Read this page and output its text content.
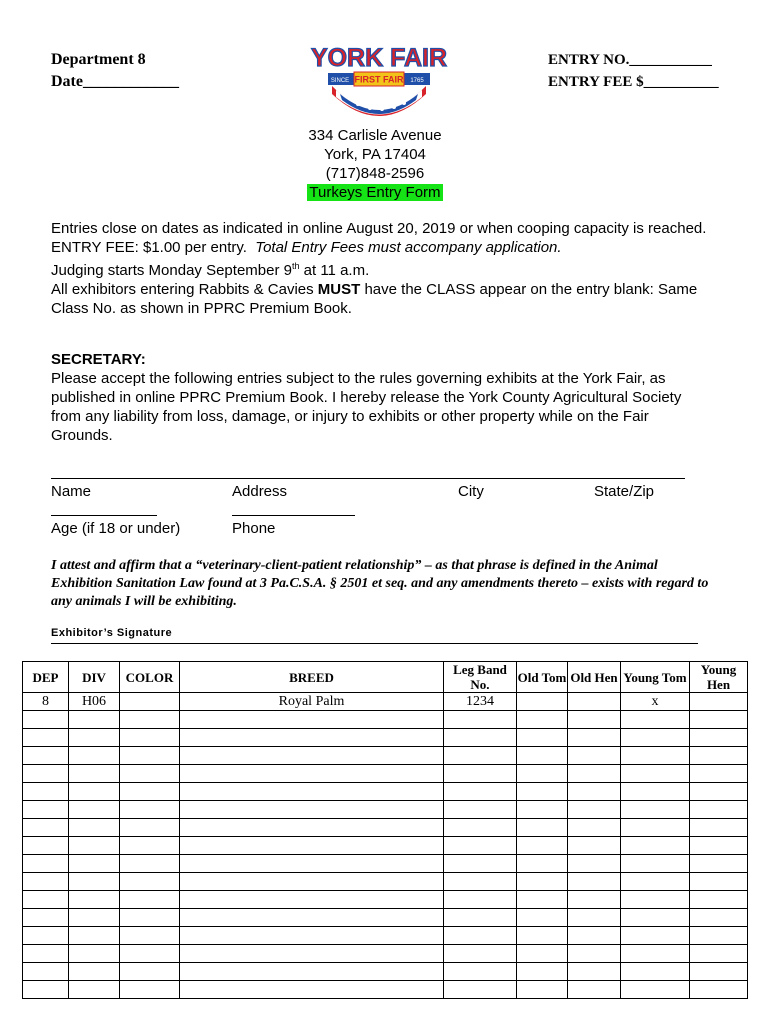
Department 8
Date____________
ENTRY NO.___________
ENTRY FEE $__________
YORK FAIR
FIRST FAIR
SINCE	1765
334 Carlisle Avenue
York, PA 17404
(717)848-2596
Turkeys Entry Form
Entries close on dates as indicated in online August 20, 2019 or when cooping capacity is reached.
ENTRY FEE: $1.00 per entry. Total Entry Fees must accompany application.
Judging starts Monday September 9th at 11 a.m.
All exhibitors entering Rabbits & Cavies MUST have the CLASS appear on the entry blank: Same Class No. as shown in PPRC Premium Book.
SECRETARY:
Please accept the following entries subject to the rules governing exhibits at the York Fair, as published in online PPRC Premium Book. I hereby release the York County Agricultural Society from any liability from loss, damage, or injury to exhibits or other property while on the Fair Grounds.
Name	Address	City	State/Zip
Age (if 18 or under)	Phone
I attest and affirm that a “veterinary-client-patient relationship” – as that phrase is defined in the Animal Exhibition Sanitation Law found at 3 Pa.C.S.A. § 2501 et seq. and any amendments thereto – exists with regard to any animals I will be exhibiting.
Exhibitor’s Signature
DEP	DIV	COLOR	BREED	Leg Band No.	Old Tom	Old Hen	Young Tom	Young Hen
8	H06		Royal Palm	1234			x	
